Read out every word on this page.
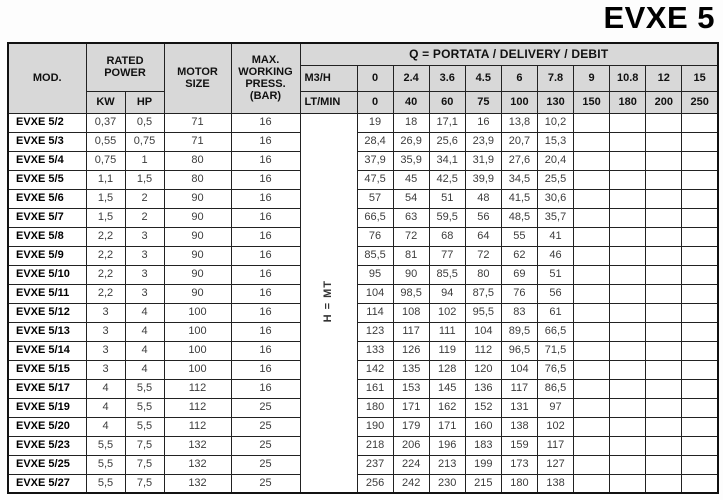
EVXE 5
MOD.	RATED POWER		MOTOR SIZE	MAX. WORKING PRESS. (BAR)	Q = PORTATA / DELIVERY / DEBIT										
					M3/H	0	2.4	3.6	4.5	6	7.8	9	10.8	12	15
	KW	HP			LT/MIN	0	40	60	75	100	130	150	180	200	250
EVXE 5/2	0,37	0,5	71	16	H = MT	19	18	17,1	16	13,8	10,2				
EVXE 5/3	0,55	0,75	71	16		28,4	26,9	25,6	23,9	20,7	15,3				
EVXE 5/4	0,75	1	80	16		37,9	35,9	34,1	31,9	27,6	20,4				
EVXE 5/5	1,1	1,5	80	16		47,5	45	42,5	39,9	34,5	25,5				
EVXE 5/6	1,5	2	90	16		57	54	51	48	41,5	30,6				
EVXE 5/7	1,5	2	90	16		66,5	63	59,5	56	48,5	35,7				
EVXE 5/8	2,2	3	90	16		76	72	68	64	55	41				
EVXE 5/9	2,2	3	90	16		85,5	81	77	72	62	46				
EVXE 5/10	2,2	3	90	16		95	90	85,5	80	69	51				
EVXE 5/11	2,2	3	90	16		104	98,5	94	87,5	76	56				
EVXE 5/12	3	4	100	16		114	108	102	95,5	83	61				
EVXE 5/13	3	4	100	16		123	117	111	104	89,5	66,5				
EVXE 5/14	3	4	100	16		133	126	119	112	96,5	71,5				
EVXE 5/15	3	4	100	16		142	135	128	120	104	76,5				
EVXE 5/17	4	5,5	112	16		161	153	145	136	117	86,5				
EVXE 5/19	4	5,5	112	25		180	171	162	152	131	97				
EVXE 5/20	4	5,5	112	25		190	179	171	160	138	102				
EVXE 5/23	5,5	7,5	132	25		218	206	196	183	159	117				
EVXE 5/25	5,5	7,5	132	25		237	224	213	199	173	127				
EVXE 5/27	5,5	7,5	132	25		256	242	230	215	180	138				
